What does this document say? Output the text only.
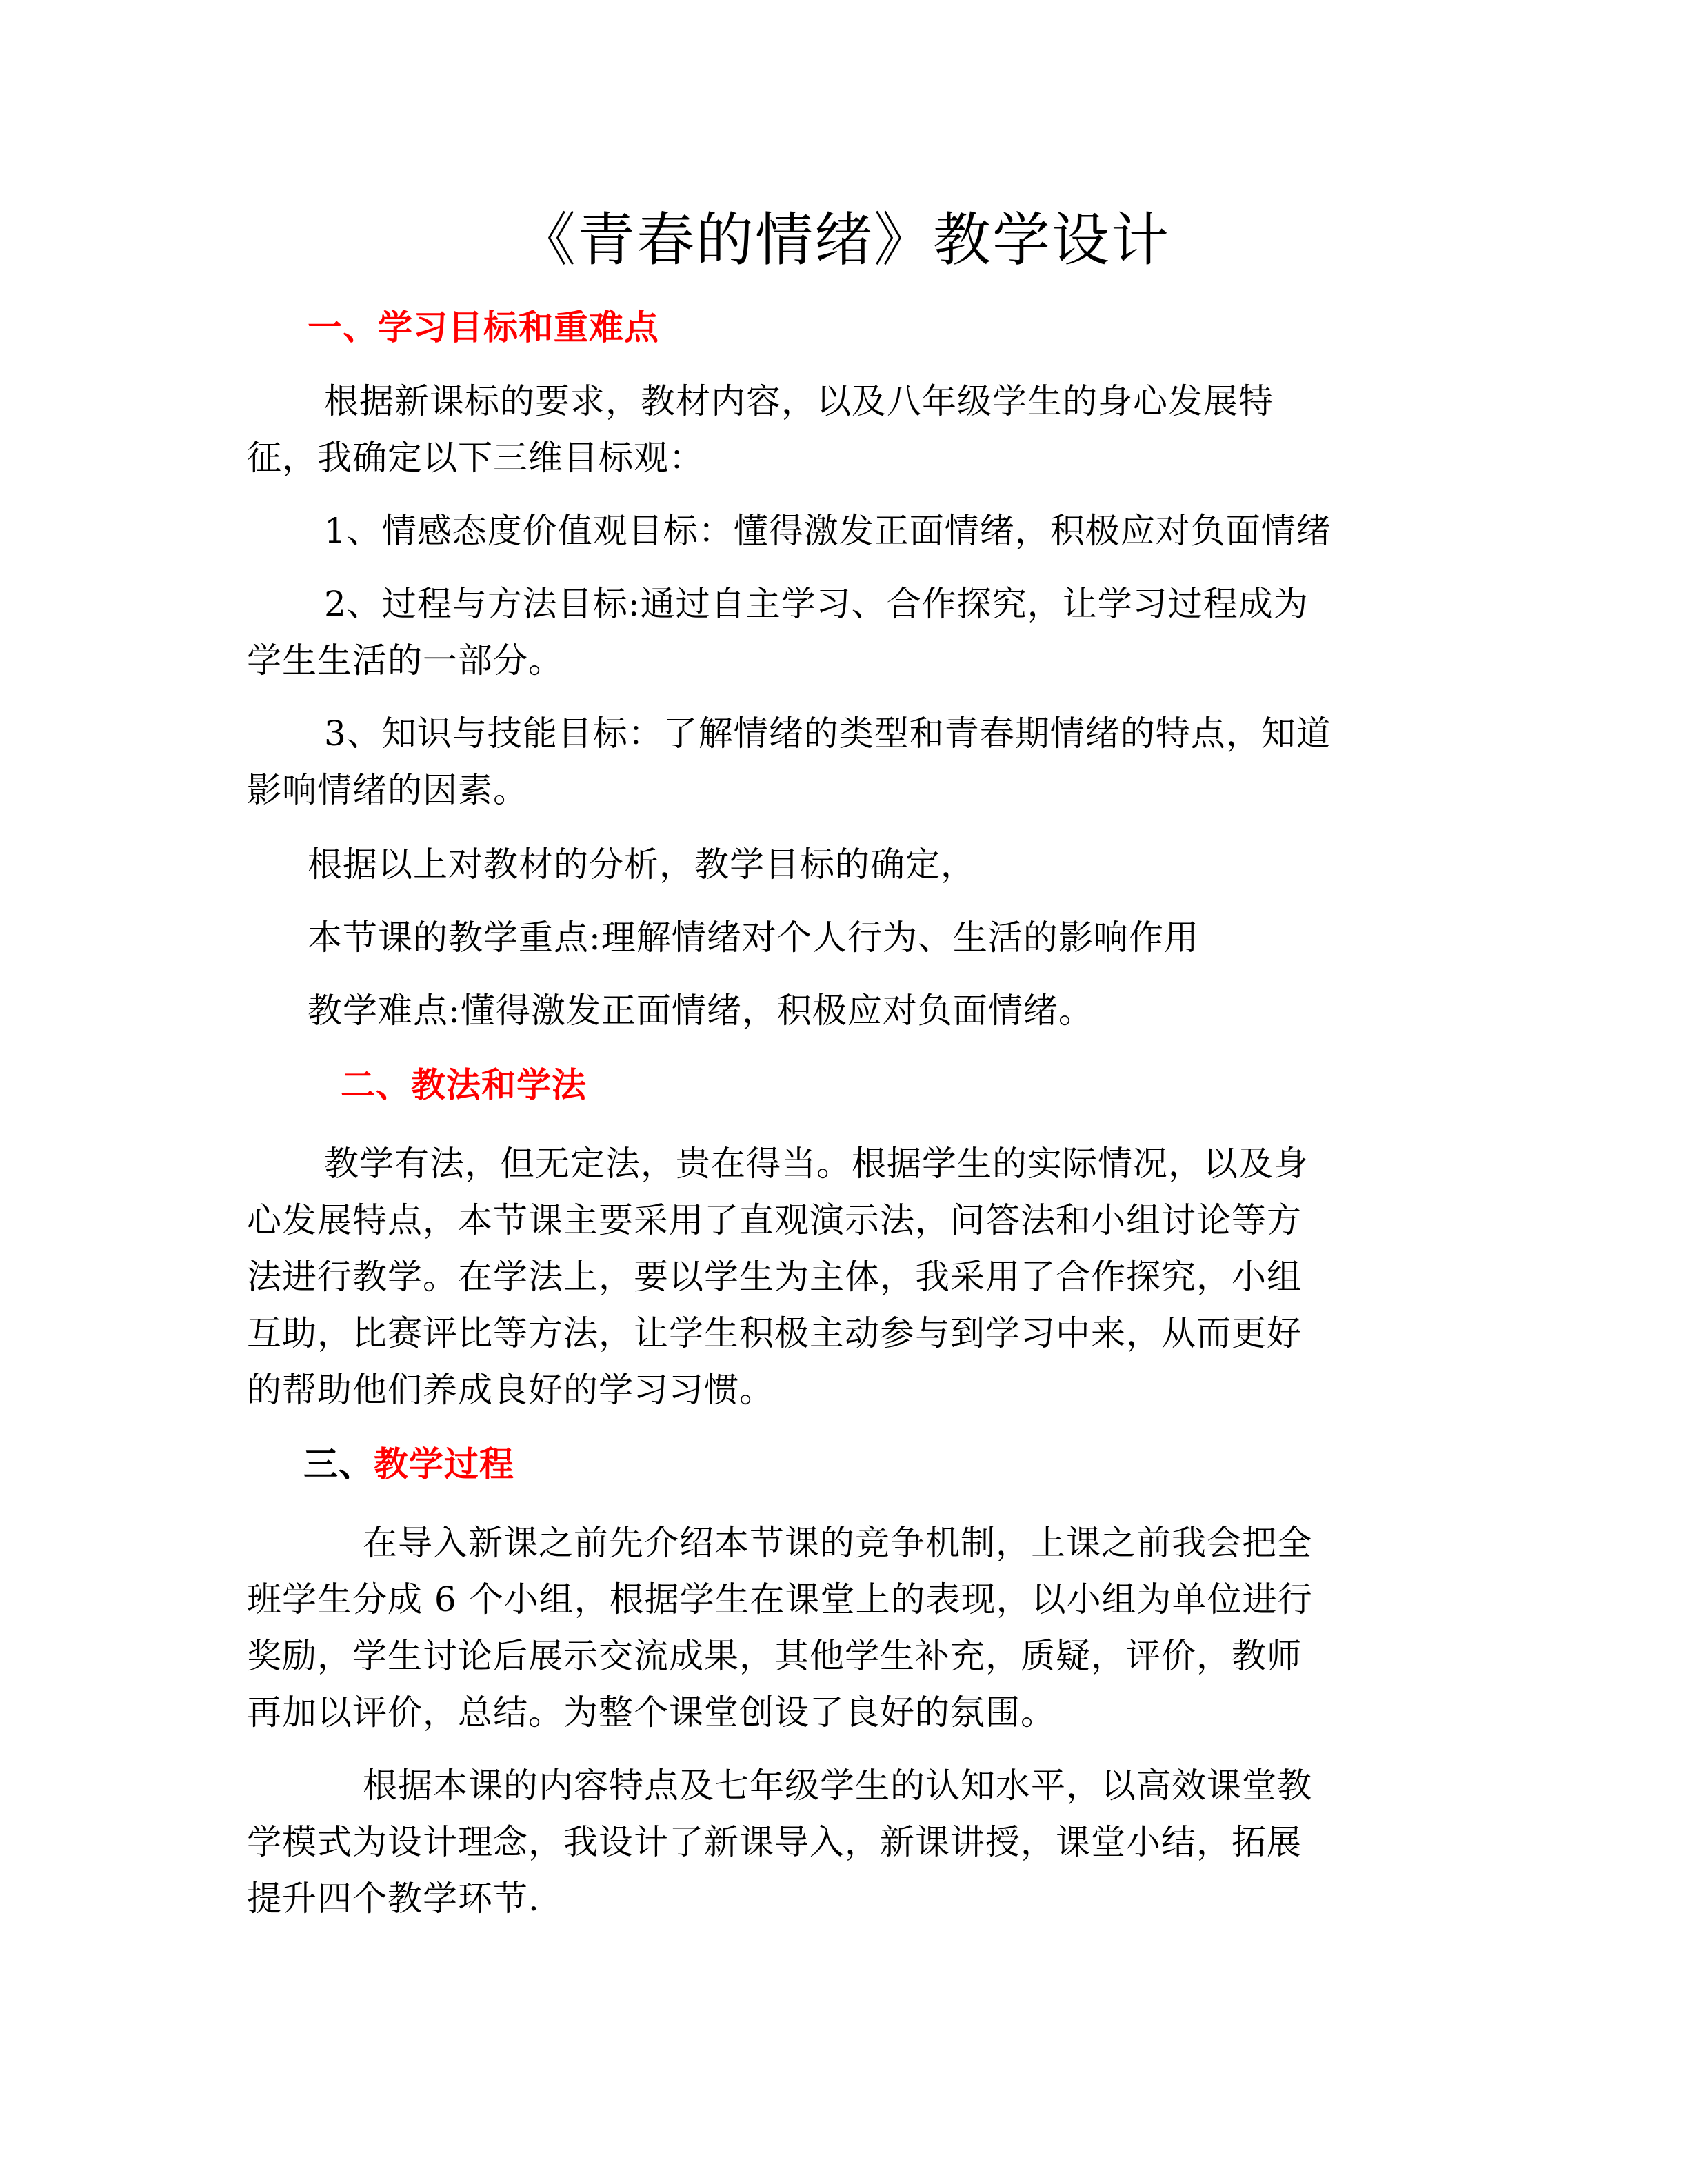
《青春的情绪》教学设计

一、学习目标和重难点

根据新课标的要求，教材内容，以及八年级学生的身心发展特

征，我确定以下三维目标观：

1、情感态度价值观目标：懂得激发正面情绪，积极应对负面情绪

2、过程与方法目标:通过自主学习、合作探究，让学习过程成为

学生生活的一部分。

3、知识与技能目标：了解情绪的类型和青春期情绪的特点，知道

影响情绪的因素。

根据以上对教材的分析，教学目标的确定，

本节课的教学重点:理解情绪对个人行为、生活的影响作用

教学难点:懂得激发正面情绪，积极应对负面情绪。

二、教法和学法

教学有法，但无定法，贵在得当。根据学生的实际情况，以及身

心发展特点，本节课主要采用了直观演示法，问答法和小组讨论等方

法进行教学。在学法上，要以学生为主体，我采用了合作探究，小组

互助，比赛评比等方法，让学生积极主动参与到学习中来，从而更好

的帮助他们养成良好的学习习惯。

三、教学过程

在导入新课之前先介绍本节课的竞争机制，上课之前我会把全

班学生分成 6 个小组，根据学生在课堂上的表现，以小组为单位进行

奖励，学生讨论后展示交流成果，其他学生补充，质疑，评价，教师

再加以评价，总结。为整个课堂创设了良好的氛围。

根据本课的内容特点及七年级学生的认知水平，以高效课堂教

学模式为设计理念，我设计了新课导入，新课讲授，课堂小结，拓展

提升四个教学环节.
